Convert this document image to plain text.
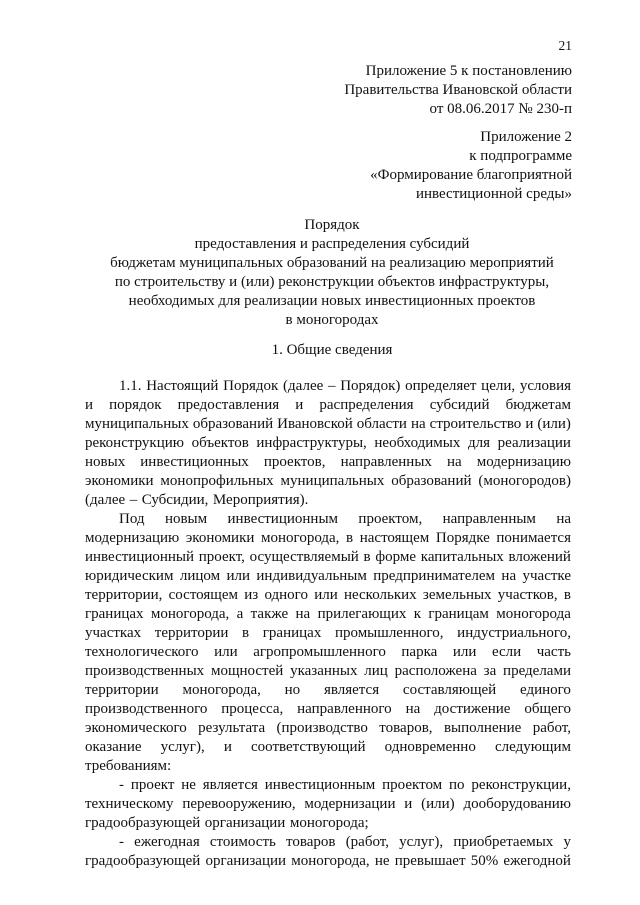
21
Приложение 5 к постановлению
Правительства Ивановской области
от 08.06.2017 № 230-п
Приложение 2
к подпрограмме
«Формирование благоприятной
инвестиционной среды»
Порядок
предоставления и распределения субсидий
бюджетам муниципальных образований на реализацию мероприятий
по строительству и (или) реконструкции объектов инфраструктуры,
необходимых для реализации новых инвестиционных проектов
в моногородах
1. Общие сведения
1.1. Настоящий Порядок (далее – Порядок) определяет цели, условия
и порядок предоставления и распределения субсидий бюджетам
муниципальных образований Ивановской области на строительство и (или)
реконструкцию объектов инфраструктуры, необходимых для реализации
новых инвестиционных проектов, направленных на модернизацию
экономики монопрофильных муниципальных образований (моногородов)
(далее – Субсидии, Мероприятия).
Под новым инвестиционным проектом, направленным на
модернизацию экономики моногорода, в настоящем Порядке понимается
инвестиционный проект, осуществляемый в форме капитальных вложений
юридическим лицом или индивидуальным предпринимателем на участке
территории, состоящем из одного или нескольких земельных участков, в
границах моногорода, а также на прилегающих к границам моногорода
участках территории в границах промышленного, индустриального,
технологического или агропромышленного парка или если часть
производственных мощностей указанных лиц расположена за пределами
территории моногорода, но является составляющей единого
производственного процесса, направленного на достижение общего
экономического результата (производство товаров, выполнение работ,
оказание услуг), и соответствующий одновременно следующим
требованиям:
- проект не является инвестиционным проектом по реконструкции,
техническому перевооружению, модернизации и (или) дооборудованию
градообразующей организации моногорода;
- ежегодная стоимость товаров (работ, услуг), приобретаемых у
градообразующей организации моногорода, не превышает 50% ежегодной
